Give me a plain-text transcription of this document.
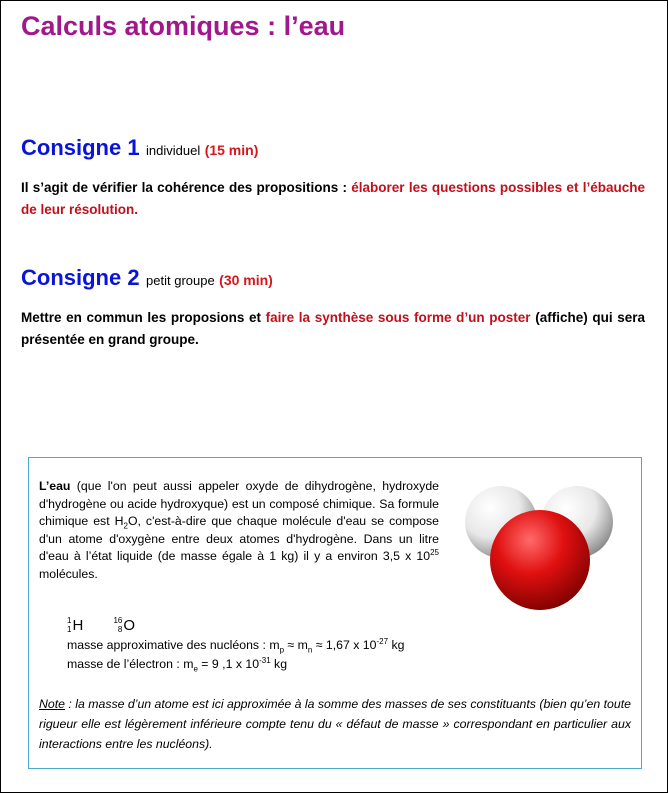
Calculs atomiques : l’eau
Consigne 1 individuel (15 min)
Il s’agit de vérifier la cohérence des propositions : élaborer les questions possibles et l’ébauche de leur résolution.
Consigne 2 petit groupe (30 min)
Mettre en commun les proposions et faire la synthèse sous forme d’un poster (affiche) qui sera présentée en grand groupe.
L’eau (que l'on peut aussi appeler oxyde de dihydrogène, hydroxyde d'hydrogène ou acide hydroxyque) est un composé chimique. Sa formule chimique est $H_2O$, c'est-à-dire que chaque molécule d'eau se compose d'un atome d'oxygène entre deux atomes d'hydrogène. Dans un litre d'eau à l’état liquide (de masse égale à 1 kg) il y a environ 3,5 x $10^{25}$ molécules.
1
1 H
	16
8 O
masse approximative des nucléons : $m_p \approx m_n \approx 1,67$ x $10^{-27}$ kg
masse de l’électron : $m_e = 9$ ,1 x $10^{-31}$ kg
Note : la masse d’un atome est ici approximée à la somme des masses de ses constituants (bien qu’en toute rigueur elle est légèrement inférieure compte tenu du « défaut de masse » correspondant en particulier aux interactions entre les nucléons).
